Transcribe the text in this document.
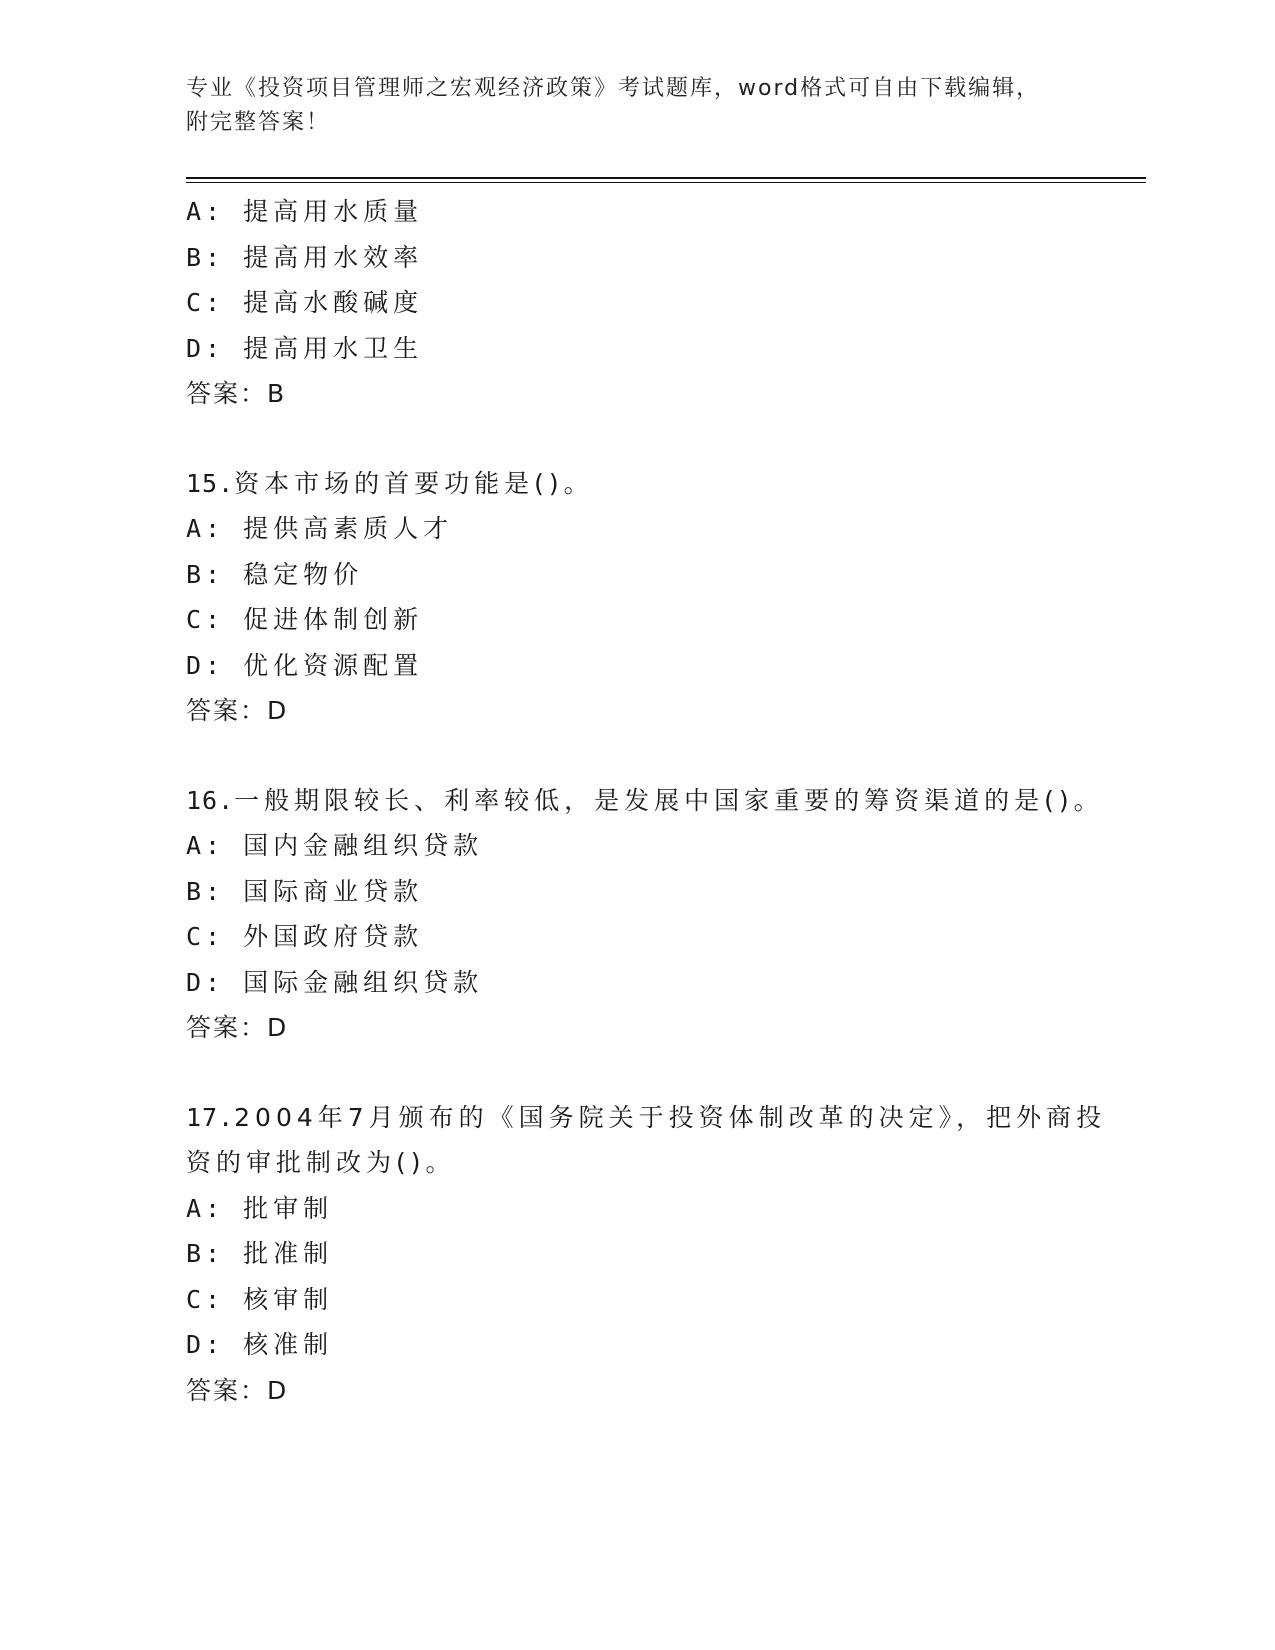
专业《投资项目管理师之宏观经济政策》考试题库，word格式可自由下载编辑，
附完整答案！
A: 提高用水质量
B: 提高用水效率
C: 提高水酸碱度
D: 提高用水卫生
答案：B
15.资本市场的首要功能是()。
A: 提供高素质人才
B: 稳定物价
C: 促进体制创新
D: 优化资源配置
答案：D
16.一般期限较长、利率较低，是发展中国家重要的筹资渠道的是()。
A: 国内金融组织贷款
B: 国际商业贷款
C: 外国政府贷款
D: 国际金融组织贷款
答案：D
17.2004年7月颁布的《国务院关于投资体制改革的决定》，把外商投
资的审批制改为()。
A: 批审制
B: 批准制
C: 核审制
D: 核准制
答案：D
